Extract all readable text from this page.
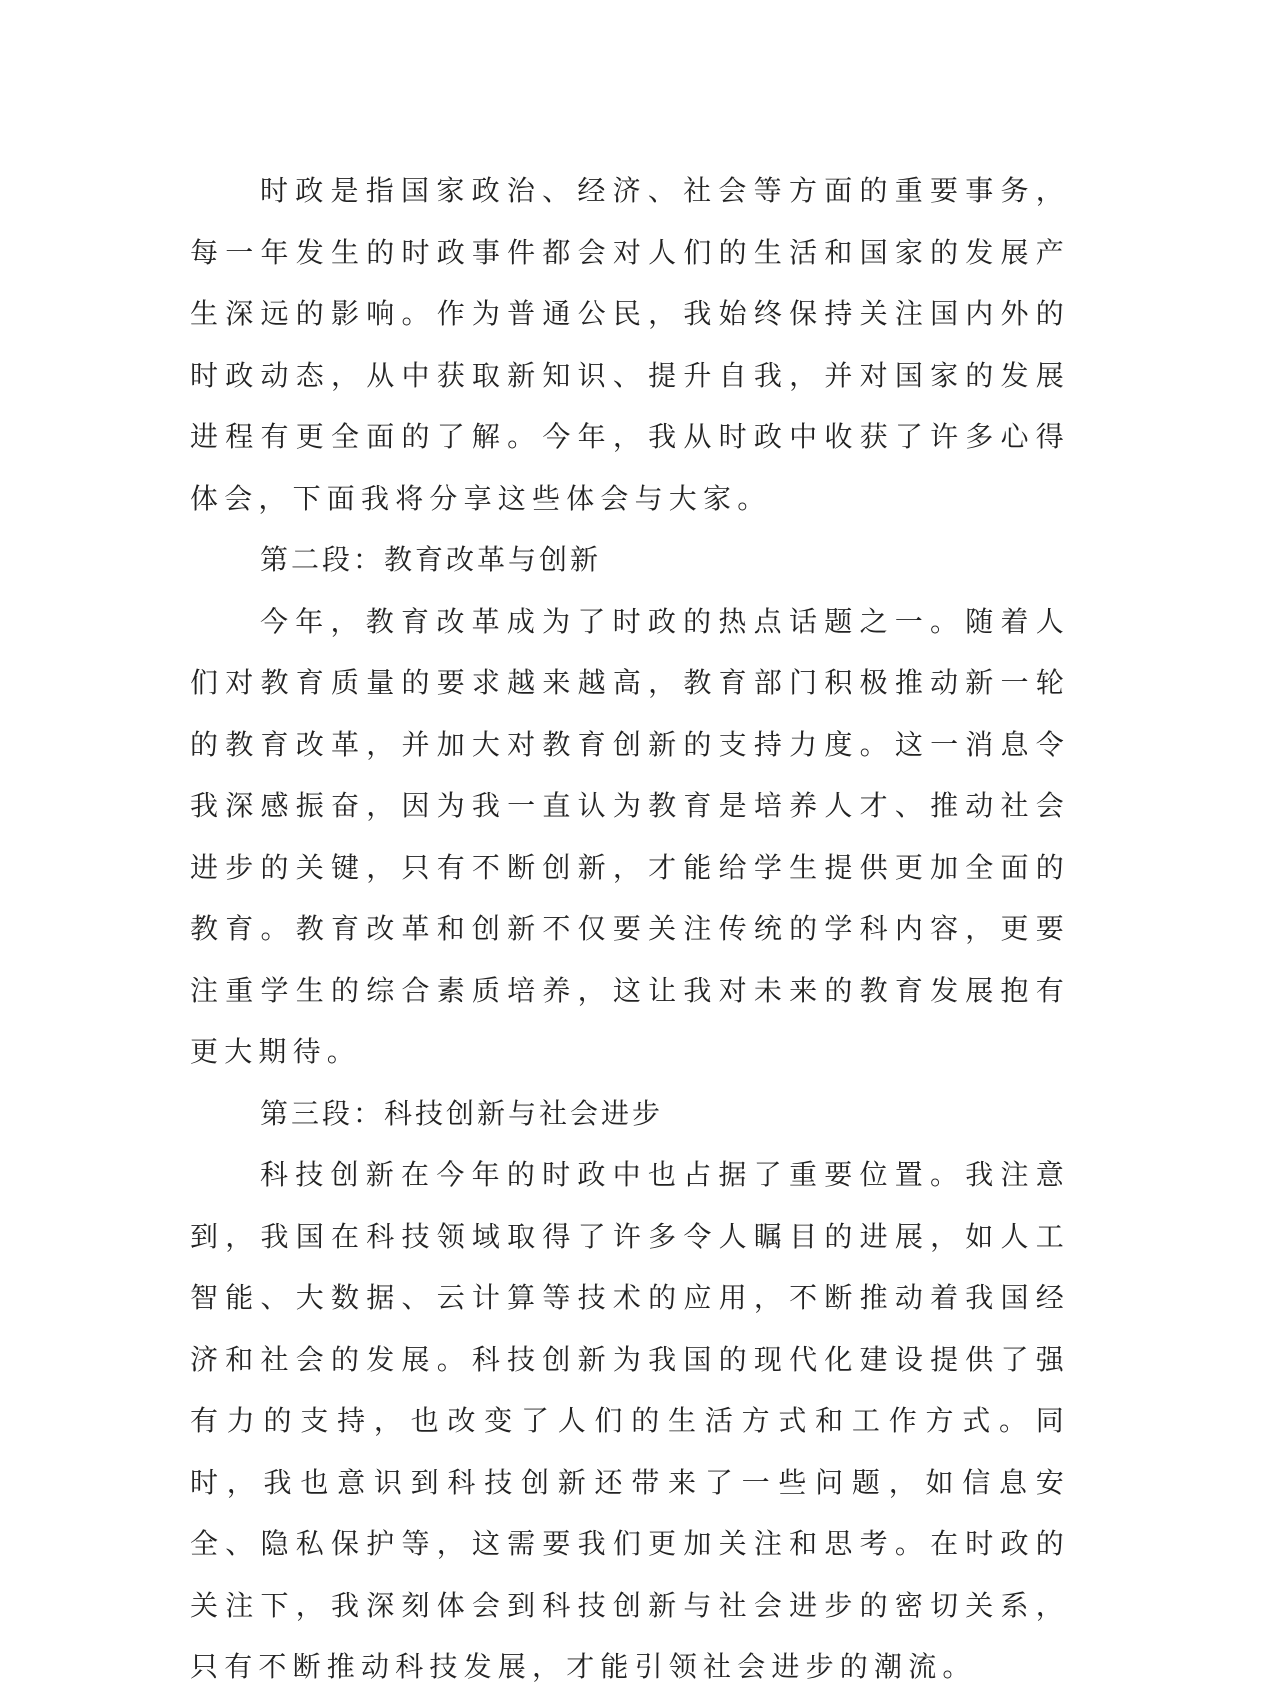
时政是指国家政治、经济、社会等方面的重要事务，每一年发生的时政事件都会对人们的生活和国家的发展产生深远的影响。作为普通公民，我始终保持关注国内外的时政动态，从中获取新知识、提升自我，并对国家的发展进程有更全面的了解。今年，我从时政中收获了许多心得体会，下面我将分享这些体会与大家。

第二段：教育改革与创新

今年，教育改革成为了时政的热点话题之一。随着人们对教育质量的要求越来越高，教育部门积极推动新一轮的教育改革，并加大对教育创新的支持力度。这一消息令我深感振奋，因为我一直认为教育是培养人才、推动社会进步的关键，只有不断创新，才能给学生提供更加全面的教育。教育改革和创新不仅要关注传统的学科内容，更要注重学生的综合素质培养，这让我对未来的教育发展抱有更大期待。

第三段：科技创新与社会进步

科技创新在今年的时政中也占据了重要位置。我注意到，我国在科技领域取得了许多令人瞩目的进展，如人工智能、大数据、云计算等技术的应用，不断推动着我国经济和社会的发展。科技创新为我国的现代化建设提供了强有力的支持，也改变了人们的生活方式和工作方式。同时，我也意识到科技创新还带来了一些问题，如信息安全、隐私保护等，这需要我们更加关注和思考。在时政的关注下，我深刻体会到科技创新与社会进步的密切关系，只有不断推动科技发展，才能引领社会进步的潮流。
